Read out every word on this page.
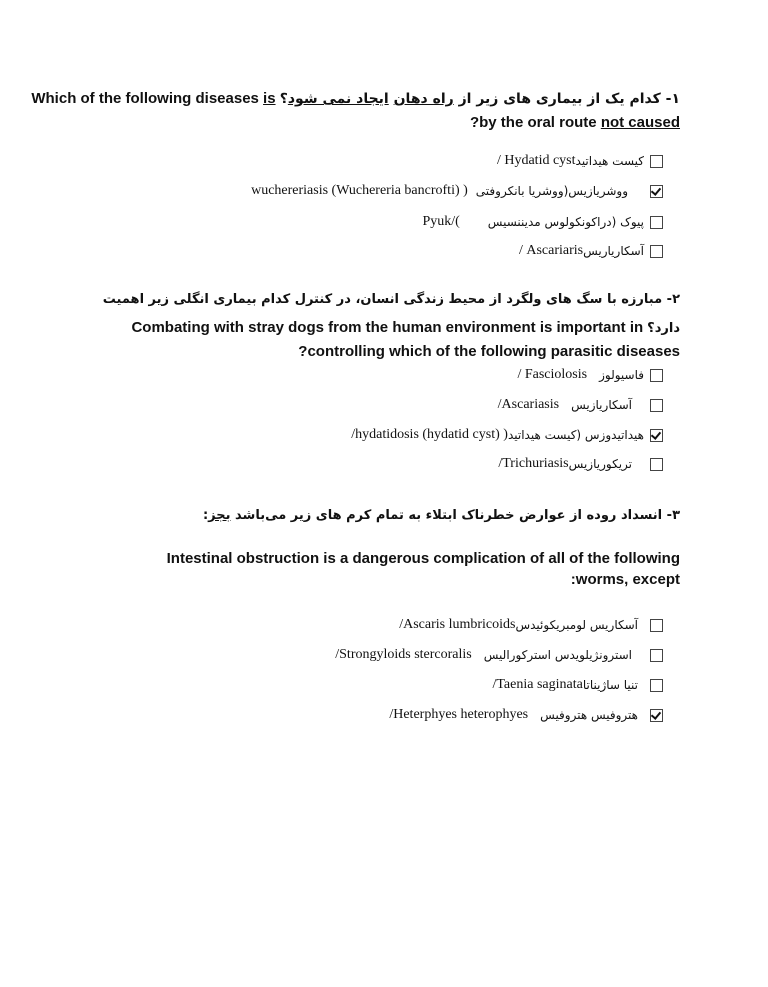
۱- کدام یک از بیماری های زیر از راه دهان ایجاد نمی شود؟ Which of the following diseases is
?by the oral route not caused
کیست هیداتید
Hydatid cyst /
ووشریازیس(ووشریا بانکروفتی
( wuchereriasis (Wuchereria bancrofti)
پیوک (دراکونکولوس مدیننسیس
)/Pyuk
آسکاریاریس
Ascariaris /
۲- مبارزه با سگ های ولگرد از محیط زندگی انسان، در کنترل کدام بیماری انگلی زیر اهمیت
دارد؟Combating with stray dogs from the human environment is important in
?controlling which of the following parasitic diseases
فاسیولوز
Fasciolosis /
آسکاریازیس
Ascariasis/
هیداتیدوزس (کیست هیداتید
( hydatidosis (hydatid cyst)/
تریکوریازیس
Trichuriasis/
۳- انسداد روده از عوارض خطرناک ابتلاء به تمام کرم های زیر می‌باشد بجز:
Intestinal obstruction is a dangerous complication of all of the following
:worms, except
آسکاریس لومبریکوئیدس
Ascaris lumbricoids/
استرونژیلویدس استرکورالیس
Strongyloids stercoralis/
تنیا ساژیناتا
Taenia saginata/
هتروفیس هتروفیس
Heterphyes heterophyes/
